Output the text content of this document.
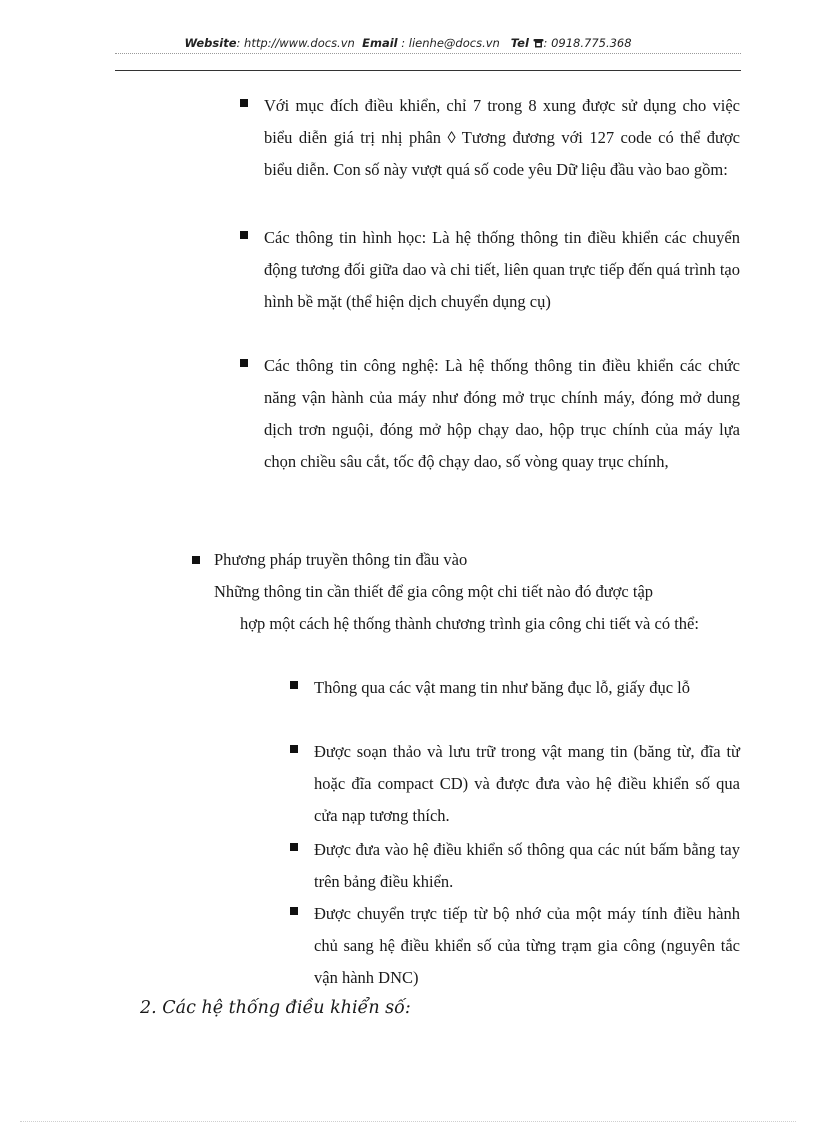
Website: http://www.docs.vn Email : lienhe@docs.vn Tel : 0918.775.368
Với mục đích điều khiển, chỉ 7 trong 8 xung được sử dụng cho việc biểu diễn giá trị nhị phân ◊ Tương đương với 127 code có thể được biểu diễn. Con số này vượt quá số code yêu Dữ liệu đầu vào bao gồm:
Các thông tin hình học: Là hệ thống thông tin điều khiển các chuyển động tương đối giữa dao và chi tiết, liên quan trực tiếp đến quá trình tạo hình bề mặt (thể hiện dịch chuyển dụng cụ)
Các thông tin công nghệ: Là hệ thống thông tin điều khiển các chức năng vận hành của máy như đóng mở trục chính máy, đóng mở dung dịch trơn nguội, đóng mở hộp chạy dao, hộp trục chính của máy lựa chọn chiều sâu cắt, tốc độ chạy dao, số vòng quay trục chính,
Phương pháp truyền thông tin đầu vào
Những thông tin cần thiết để gia công một chi tiết nào đó được tập
hợp một cách hệ thống thành chương trình gia công chi tiết và có thể:
Thông qua các vật mang tin như băng đục lỗ, giấy đục lỗ
Được soạn thảo và lưu trữ trong vật mang tin (băng từ, đĩa từ hoặc đĩa compact CD) và được đưa vào hệ điều khiển số qua cửa nạp tương thích.
Được đưa vào hệ điều khiển số thông qua các nút bấm bằng tay trên bảng điều khiển.
Được chuyển trực tiếp từ bộ nhớ của một máy tính điều hành chủ sang hệ điều khiển số của từng trạm gia công (nguyên tắc vận hành DNC)
2. Các hệ thống điều khiển số:
